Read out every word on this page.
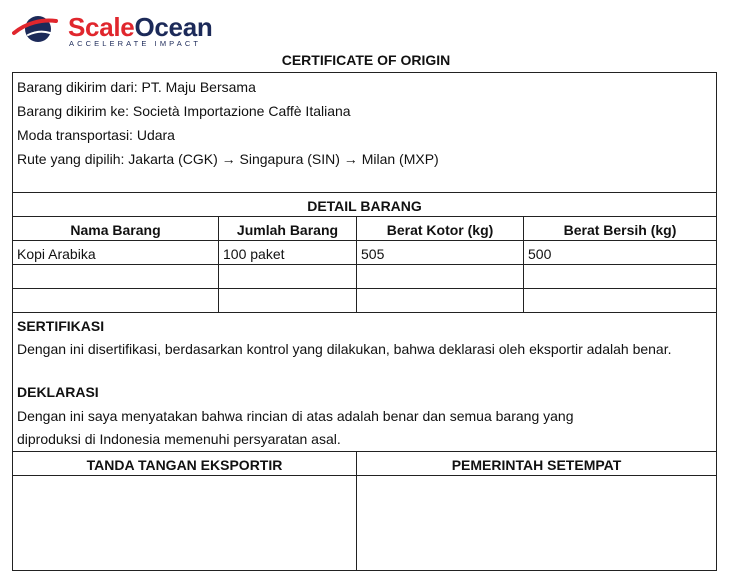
ScaleOcean
ACCELERATE IMPACT
CERTIFICATE OF ORIGIN
Barang dikirim dari: PT. Maju Bersama
Barang dikirim ke: Società Importazione Caffè Italiana
Moda transportasi: Udara
Rute yang dipilih: Jakarta (CGK) → Singapura (SIN) → Milan (MXP)
DETAIL BARANG
Nama Barang	Jumlah Barang	Berat Kotor (kg)	Berat Bersih (kg)
Kopi Arabika	100 paket	505	500
SERTIFIKASI
Dengan ini disertifikasi, berdasarkan kontrol yang dilakukan, bahwa deklarasi oleh eksportir adalah benar.
DEKLARASI
Dengan ini saya menyatakan bahwa rincian di atas adalah benar dan semua barang yang
diproduksi di Indonesia memenuhi persyaratan asal.
TANDA TANGAN EKSPORTIR	PEMERINTAH SETEMPAT
